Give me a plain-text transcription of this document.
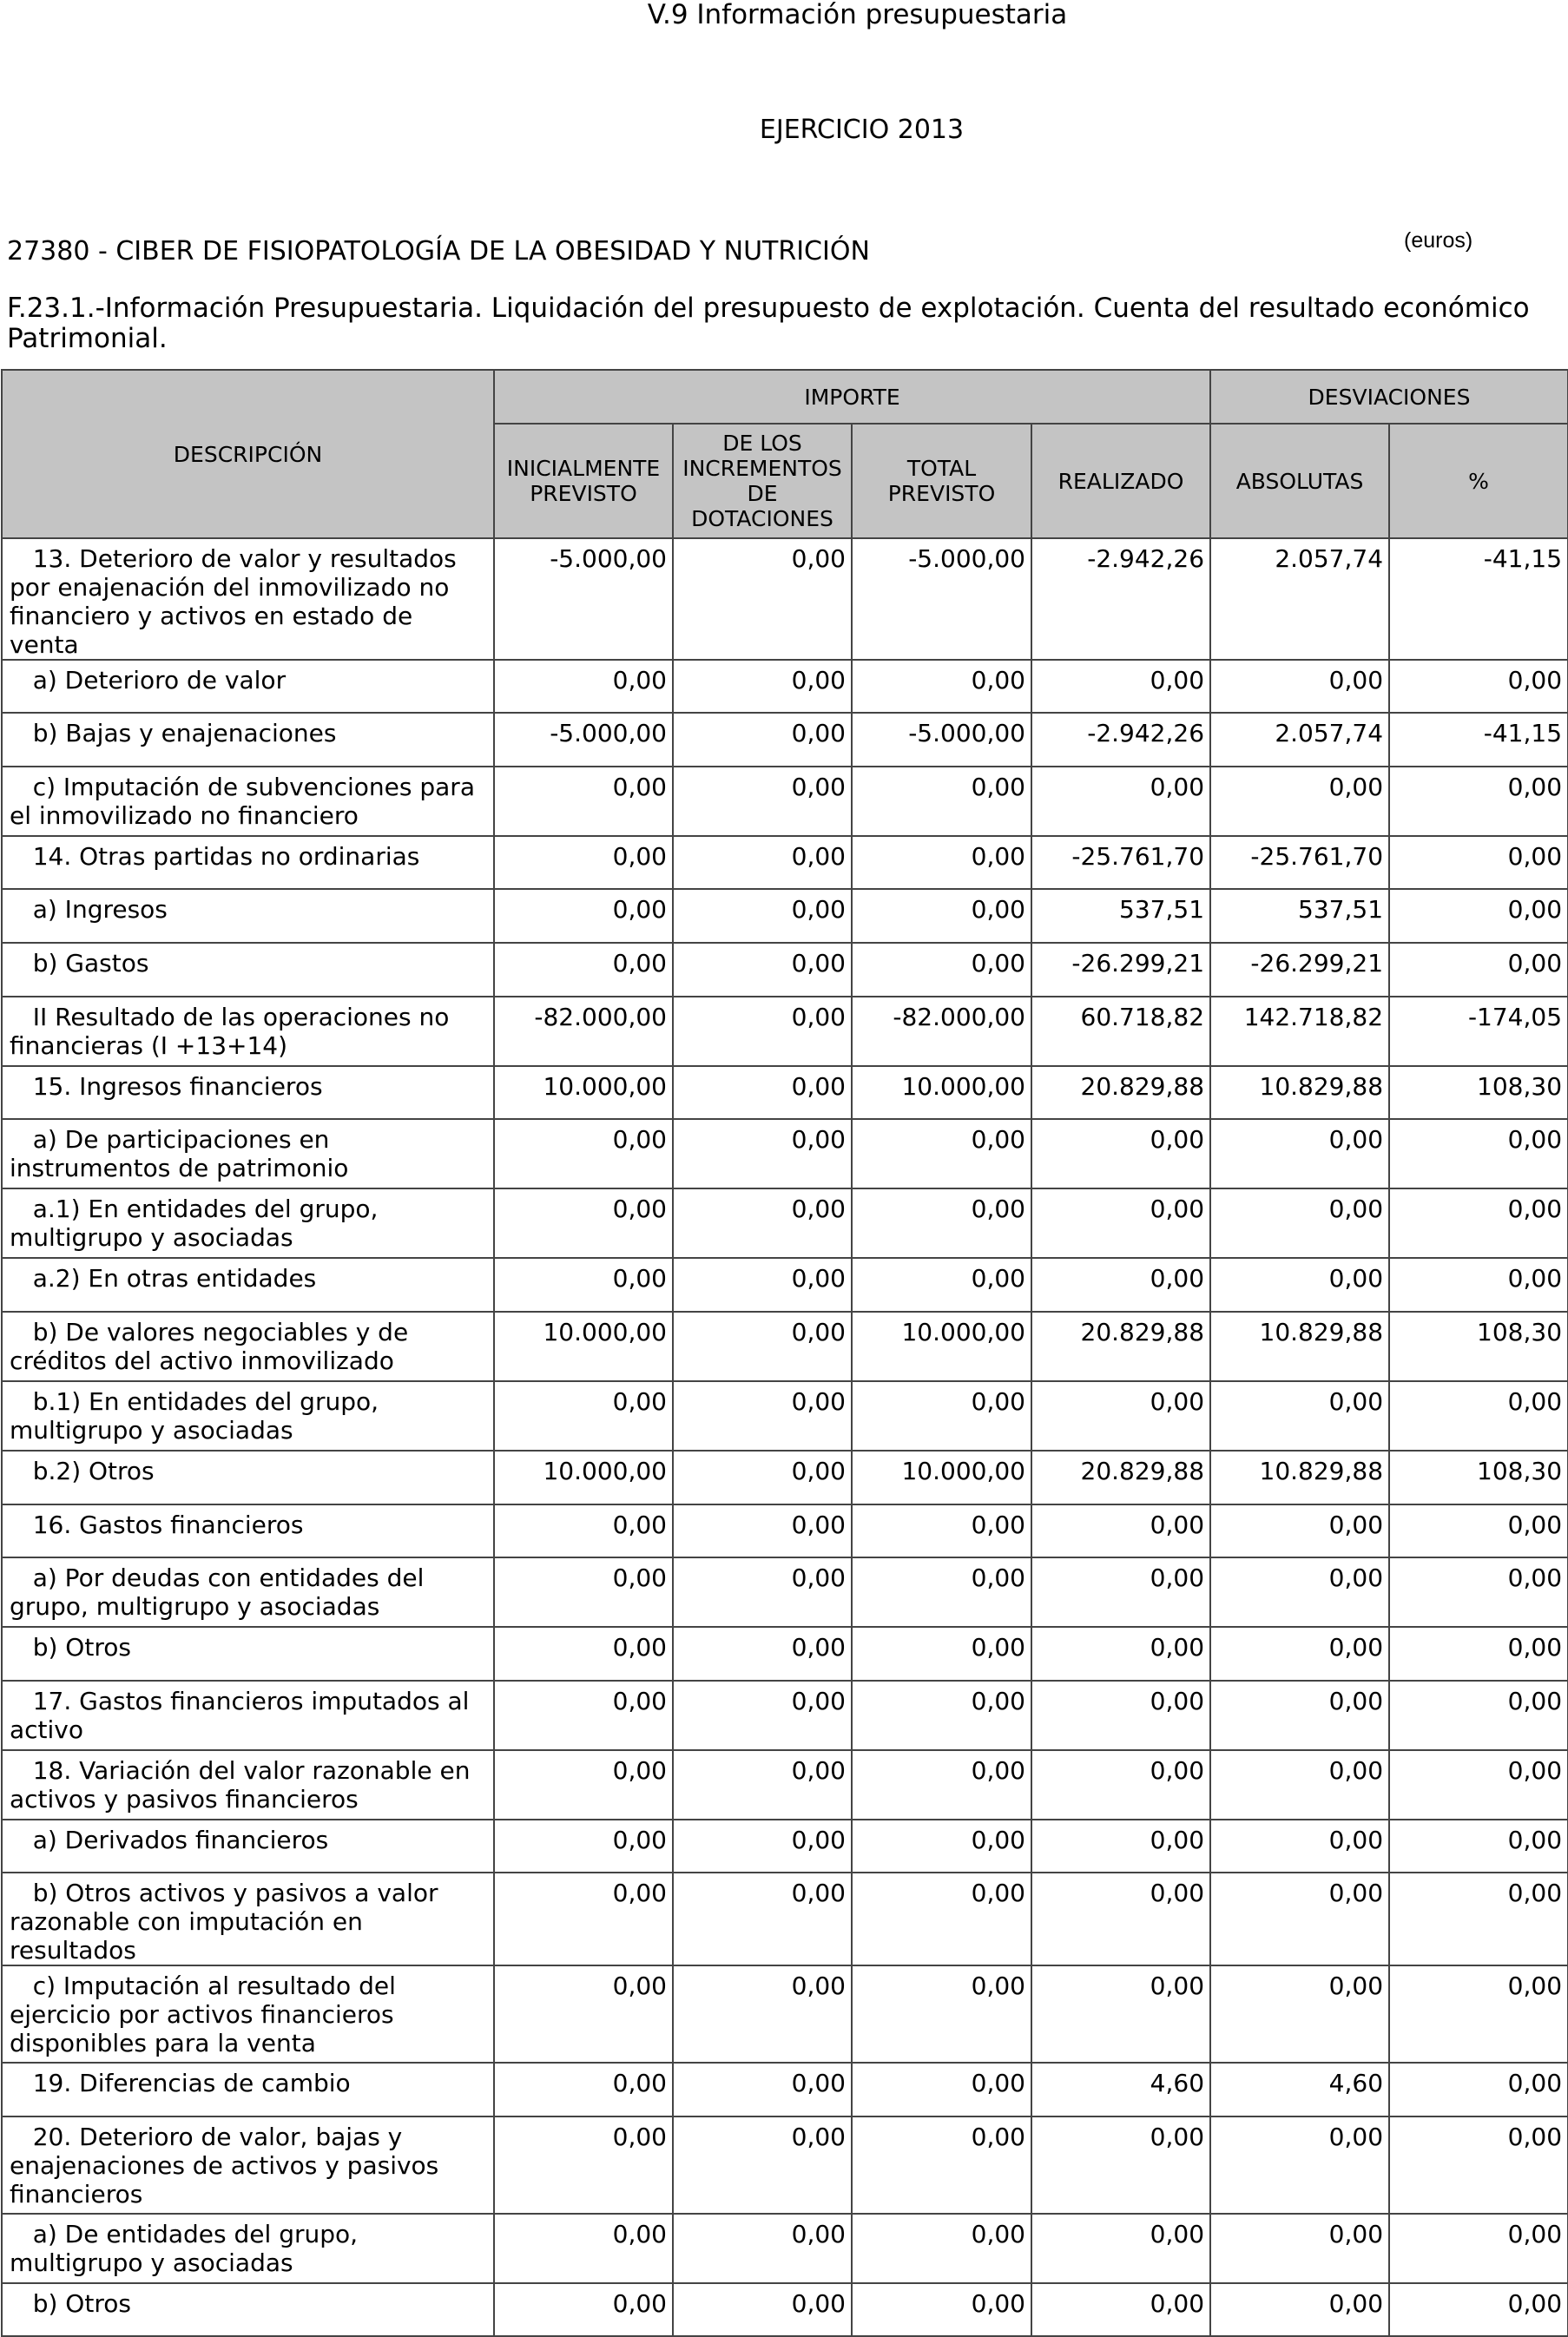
V.9 Información presupuestaria
EJERCICIO 2013
27380 - CIBER DE FISIOPATOLOGÍA DE LA OBESIDAD Y NUTRICIÓN	(euros)
F.23.1.-Información Presupuestaria. Liquidación del presupuesto de explotación. Cuenta del resultado económico Patrimonial.
DESCRIPCIÓN	IMPORTE				DESVIACIONES	
	INICIALMENTE PREVISTO	DE LOS INCREMENTOS DE DOTACIONES	TOTAL PREVISTO	REALIZADO	ABSOLUTAS	%
13. Deterioro de valor y resultados por enajenación del inmovilizado no financiero y activos en estado de venta	-5.000,00	0,00	-5.000,00	-2.942,26	2.057,74	-41,15
a) Deterioro de valor	0,00	0,00	0,00	0,00	0,00	0,00
b) Bajas y enajenaciones	-5.000,00	0,00	-5.000,00	-2.942,26	2.057,74	-41,15
c) Imputación de subvenciones para el inmovilizado no financiero	0,00	0,00	0,00	0,00	0,00	0,00
14. Otras partidas no ordinarias	0,00	0,00	0,00	-25.761,70	-25.761,70	0,00
a) Ingresos	0,00	0,00	0,00	537,51	537,51	0,00
b) Gastos	0,00	0,00	0,00	-26.299,21	-26.299,21	0,00
II Resultado de las operaciones no financieras (I +13+14)	-82.000,00	0,00	-82.000,00	60.718,82	142.718,82	-174,05
15. Ingresos financieros	10.000,00	0,00	10.000,00	20.829,88	10.829,88	108,30
a) De participaciones en instrumentos de patrimonio	0,00	0,00	0,00	0,00	0,00	0,00
a.1) En entidades del grupo, multigrupo y asociadas	0,00	0,00	0,00	0,00	0,00	0,00
a.2) En otras entidades	0,00	0,00	0,00	0,00	0,00	0,00
b) De valores negociables y de créditos del activo inmovilizado	10.000,00	0,00	10.000,00	20.829,88	10.829,88	108,30
b.1) En entidades del grupo, multigrupo y asociadas	0,00	0,00	0,00	0,00	0,00	0,00
b.2) Otros	10.000,00	0,00	10.000,00	20.829,88	10.829,88	108,30
16. Gastos financieros	0,00	0,00	0,00	0,00	0,00	0,00
a) Por deudas con entidades del grupo, multigrupo y asociadas	0,00	0,00	0,00	0,00	0,00	0,00
b) Otros	0,00	0,00	0,00	0,00	0,00	0,00
17. Gastos financieros imputados al activo	0,00	0,00	0,00	0,00	0,00	0,00
18. Variación del valor razonable en activos y pasivos financieros	0,00	0,00	0,00	0,00	0,00	0,00
a) Derivados financieros	0,00	0,00	0,00	0,00	0,00	0,00
b) Otros activos y pasivos a valor razonable con imputación en resultados	0,00	0,00	0,00	0,00	0,00	0,00
c) Imputación al resultado del ejercicio por activos financieros disponibles para la venta	0,00	0,00	0,00	0,00	0,00	0,00
19. Diferencias de cambio	0,00	0,00	0,00	4,60	4,60	0,00
20. Deterioro de valor, bajas y enajenaciones de activos y pasivos financieros	0,00	0,00	0,00	0,00	0,00	0,00
a) De entidades del grupo, multigrupo y asociadas	0,00	0,00	0,00	0,00	0,00	0,00
b) Otros	0,00	0,00	0,00	0,00	0,00	0,00
